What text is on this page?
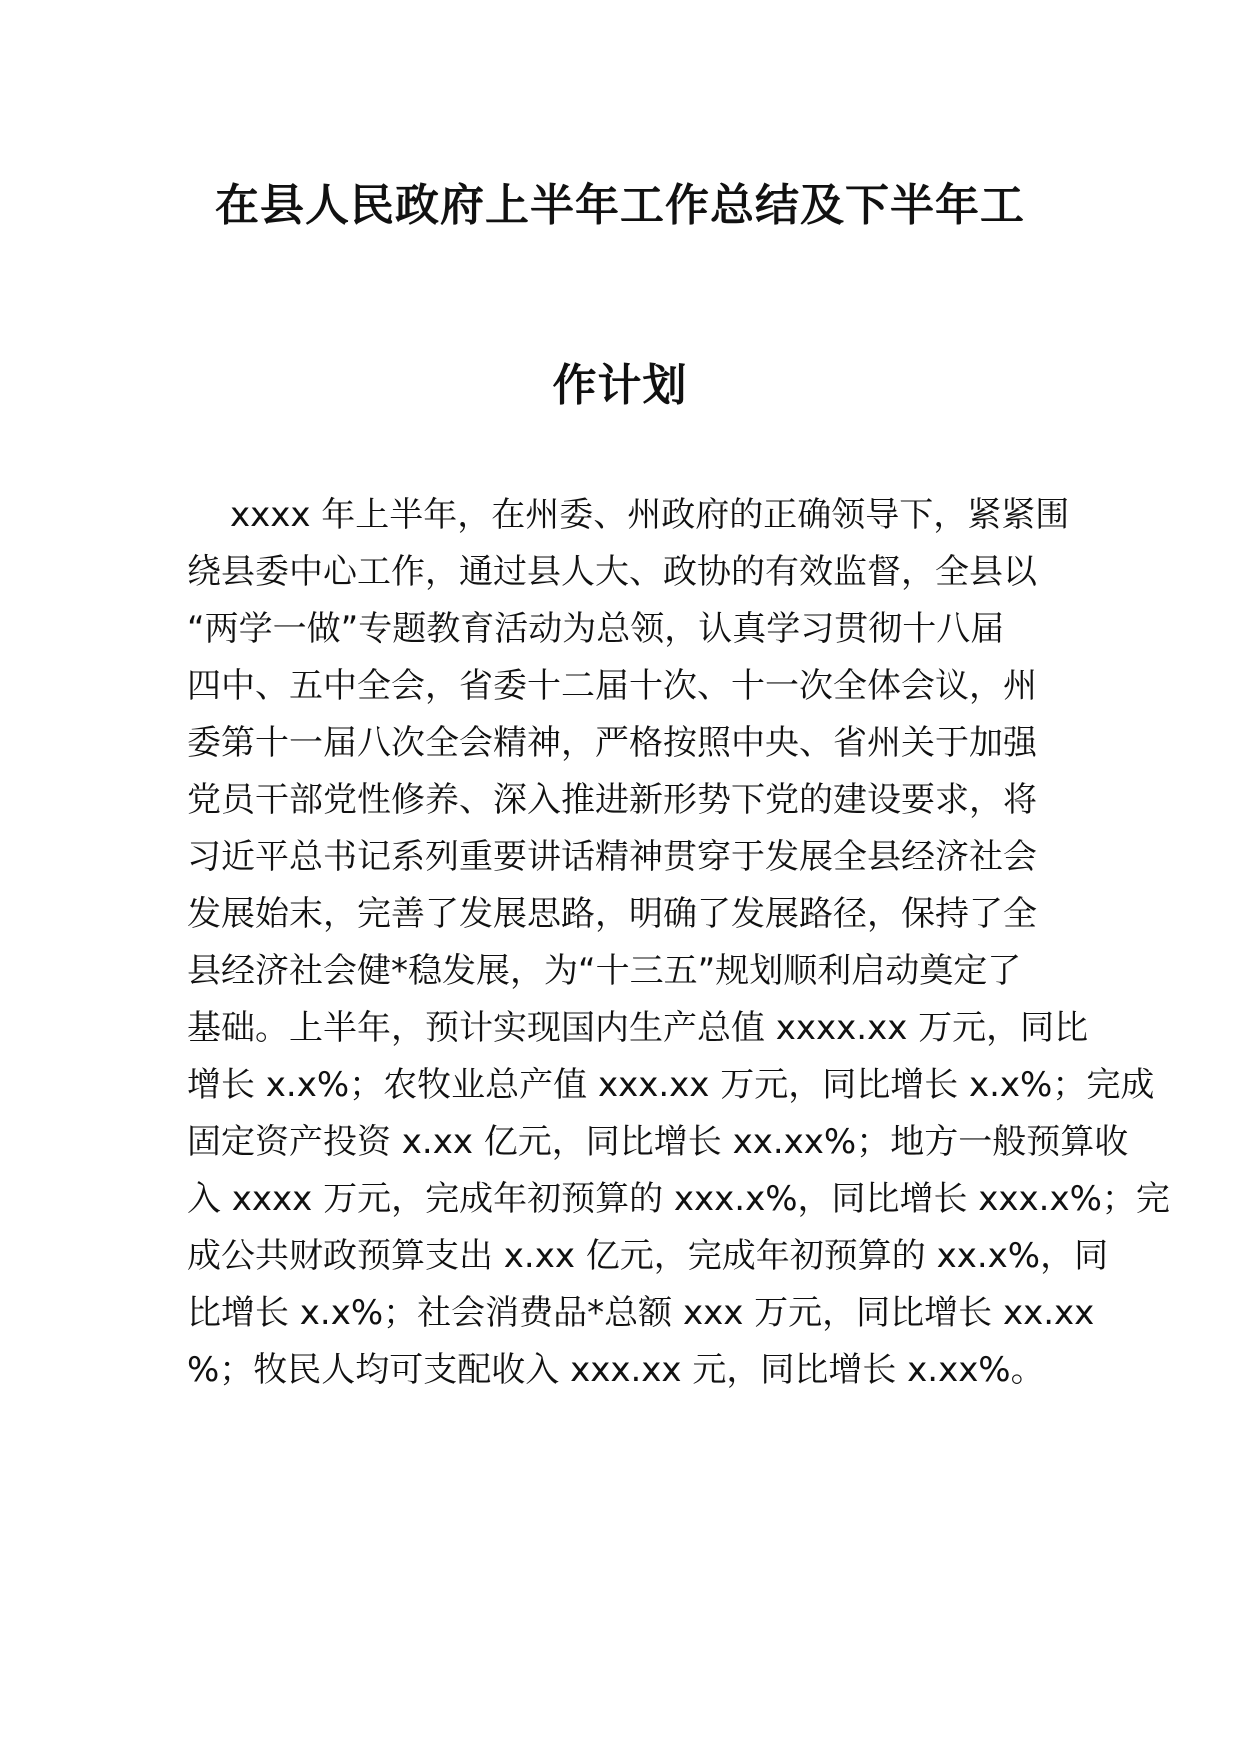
在县人民政府上半年工作总结及下半年工
作计划
xxxx 年上半年，在州委、州政府的正确领导下，紧紧围
绕县委中心工作，通过县人大、政协的有效监督，全县以
“两学一做”专题教育活动为总领，认真学习贯彻十八届
四中、五中全会，省委十二届十次、十一次全体会议，州
委第十一届八次全会精神，严格按照中央、省州关于加强
党员干部党性修养、深入推进新形势下党的建设要求，将
习近平总书记系列重要讲话精神贯穿于发展全县经济社会
发展始末，完善了发展思路，明确了发展路径，保持了全
县经济社会健*稳发展，为“十三五”规划顺利启动奠定了
基础。上半年，预计实现国内生产总值 xxxx.xx 万元，同比
增长 x.x%；农牧业总产值 xxx.xx 万元，同比增长 x.x%；完成
固定资产投资 x.xx 亿元，同比增长 xx.xx%；地方一般预算收
入 xxxx 万元，完成年初预算的 xxx.x%，同比增长 xxx.x%；完
成公共财政预算支出 x.xx 亿元，完成年初预算的 xx.x%，同
比增长 x.x%；社会消费品*总额 xxx 万元，同比增长 xx.xx
%；牧民人均可支配收入 xxx.xx 元，同比增长 x.xx%。
